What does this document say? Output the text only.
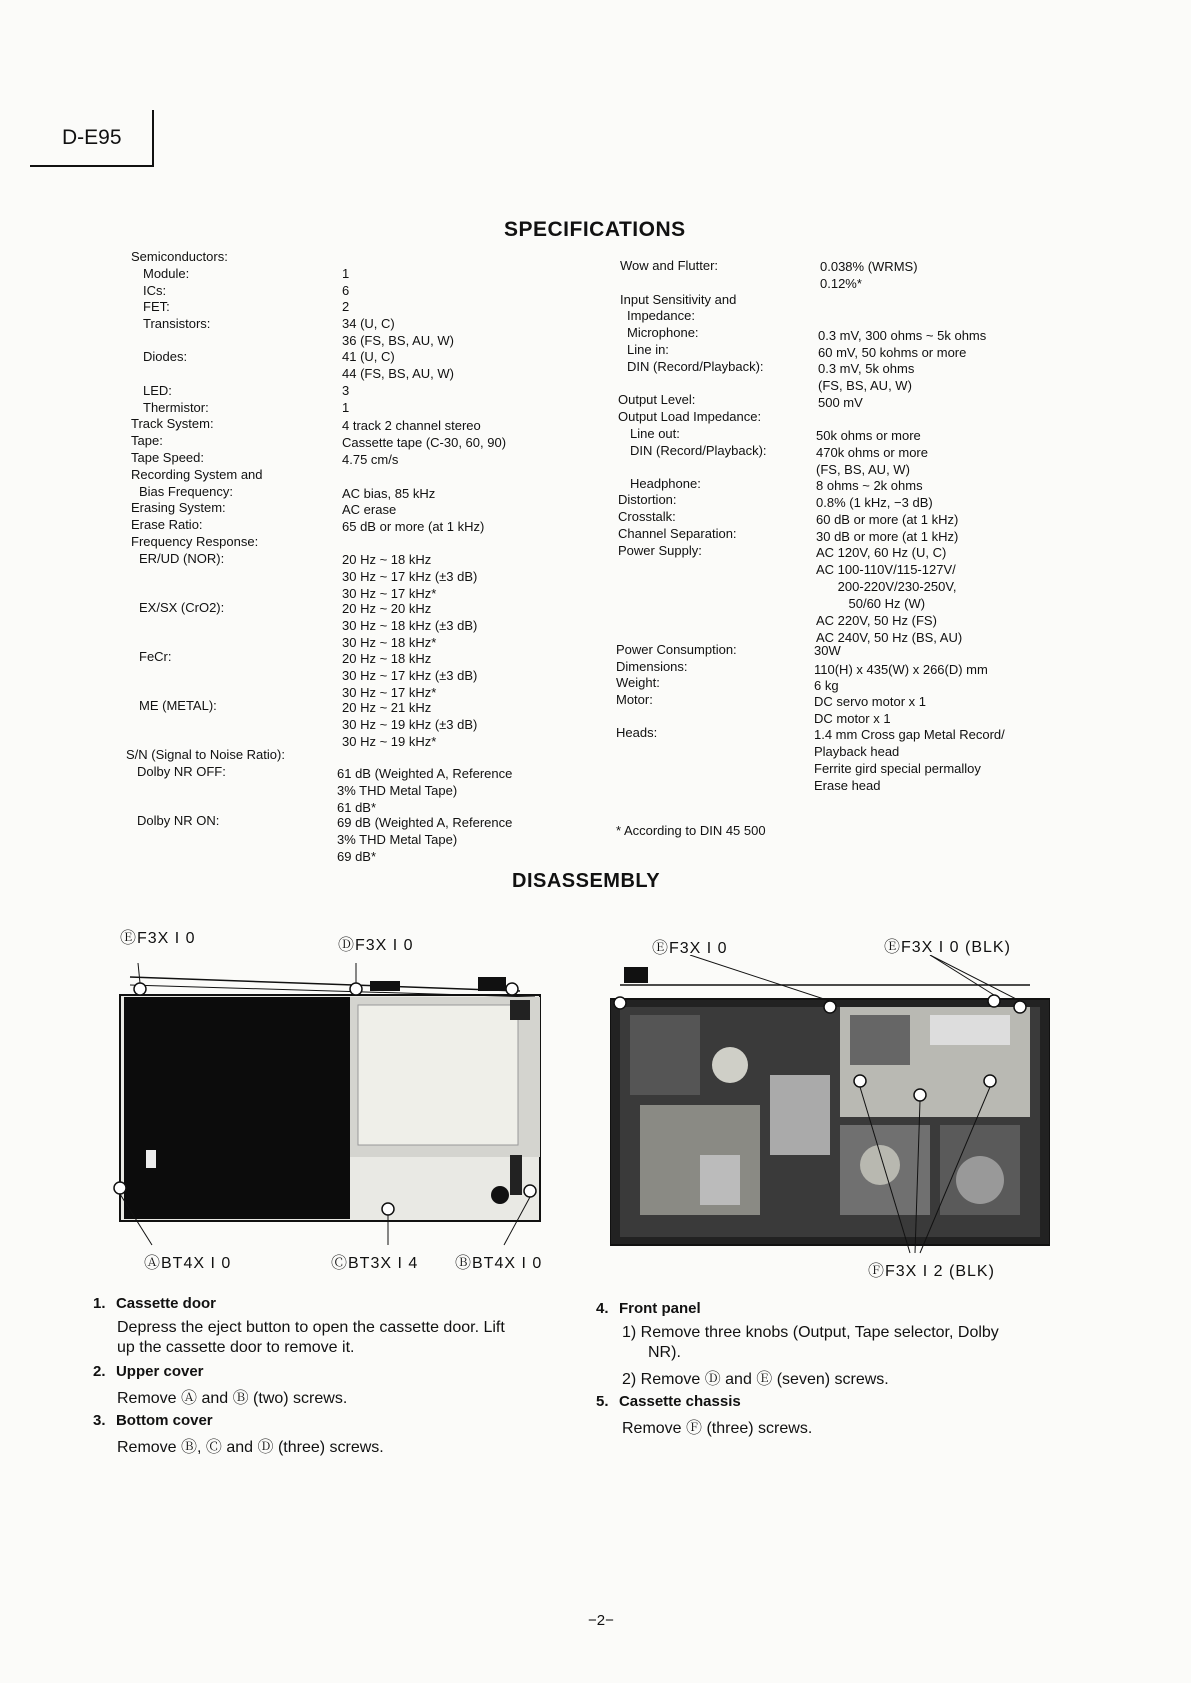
D-E95
SPECIFICATIONS
Semiconductors:
Module:	1
ICs:	6
FET:	2
Transistors:	34 (U, C)
36 (FS, BS, AU, W)
Diodes:	41 (U, C)
44 (FS, BS, AU, W)
LED:	3
Thermistor:	1
Track System:	4 track 2 channel stereo
Tape:	Cassette tape (C-30, 60, 90)
Tape Speed:	4.75 cm/s
Recording System and
Bias Frequency:	AC bias, 85 kHz
Erasing System:	AC erase
Erase Ratio:	65 dB or more (at 1 kHz)
Frequency Response:
ER/UD (NOR):	20 Hz ~ 18 kHz
30 Hz ~ 17 kHz (±3 dB)
30 Hz ~ 17 kHz*
EX/SX (CrO2):	20 Hz ~ 20 kHz
30 Hz ~ 18 kHz (±3 dB)
30 Hz ~ 18 kHz*
FeCr:	20 Hz ~ 18 kHz
30 Hz ~ 17 kHz (±3 dB)
30 Hz ~ 17 kHz*
ME (METAL):	20 Hz ~ 21 kHz
30 Hz ~ 19 kHz (±3 dB)
30 Hz ~ 19 kHz*
S/N (Signal to Noise Ratio):
Dolby NR OFF:	61 dB (Weighted A, Reference
3% THD Metal Tape)
61 dB*
Dolby NR ON:	69 dB (Weighted A, Reference
3% THD Metal Tape)
69 dB*
Wow and Flutter:	0.038% (WRMS)
0.12%*
Input Sensitivity and
Impedance:
Microphone:	0.3 mV, 300 ohms ~ 5k ohms
Line in:	60 mV, 50 kohms or more
DIN (Record/Playback):	0.3 mV, 5k ohms
(FS, BS, AU, W)
Output Level:	500 mV
Output Load Impedance:
Line out:	50k ohms or more
DIN (Record/Playback):	470k ohms or more
(FS, BS, AU, W)
Headphone:	8 ohms ~ 2k ohms
Distortion:	0.8% (1 kHz, −3 dB)
Crosstalk:	60 dB or more (at 1 kHz)
Channel Separation:	30 dB or more (at 1 kHz)
Power Supply:	AC 120V, 60 Hz (U, C)
AC 100-110V/115-127V/
200-220V/230-250V,
50/60 Hz (W)
AC 220V, 50 Hz (FS)
AC 240V, 50 Hz (BS, AU)
Power Consumption:	30W
Dimensions:	110(H) x 435(W) x 266(D) mm
Weight:	6 kg
Motor:	DC servo motor x 1
DC motor x 1
Heads:	1.4 mm Cross gap Metal Record/
Playback head
Ferrite gird special permalloy
Erase head
* According to DIN 45 500
DISASSEMBLY
ⒺF3X I 0	ⒹF3X I 0
ⒶBT4X I 0	ⒸBT3X I 4 ⒷBT4X I 0
ⒺF3X I 0	ⒺF3X I 0 (BLK)
ⒻF3X I 2 (BLK)
1. Cassette door
Depress the eject button to open the cassette door. Lift
up the cassette door to remove it.
2. Upper cover
Remove Ⓐ and Ⓑ (two) screws.
3. Bottom cover
Remove Ⓑ, Ⓒ and Ⓓ (three) screws.
4. Front panel
1) Remove three knobs (Output, Tape selector, Dolby
NR).
2) Remove Ⓓ and Ⓔ (seven) screws.
5. Cassette chassis
Remove Ⓕ (three) screws.
−2−
